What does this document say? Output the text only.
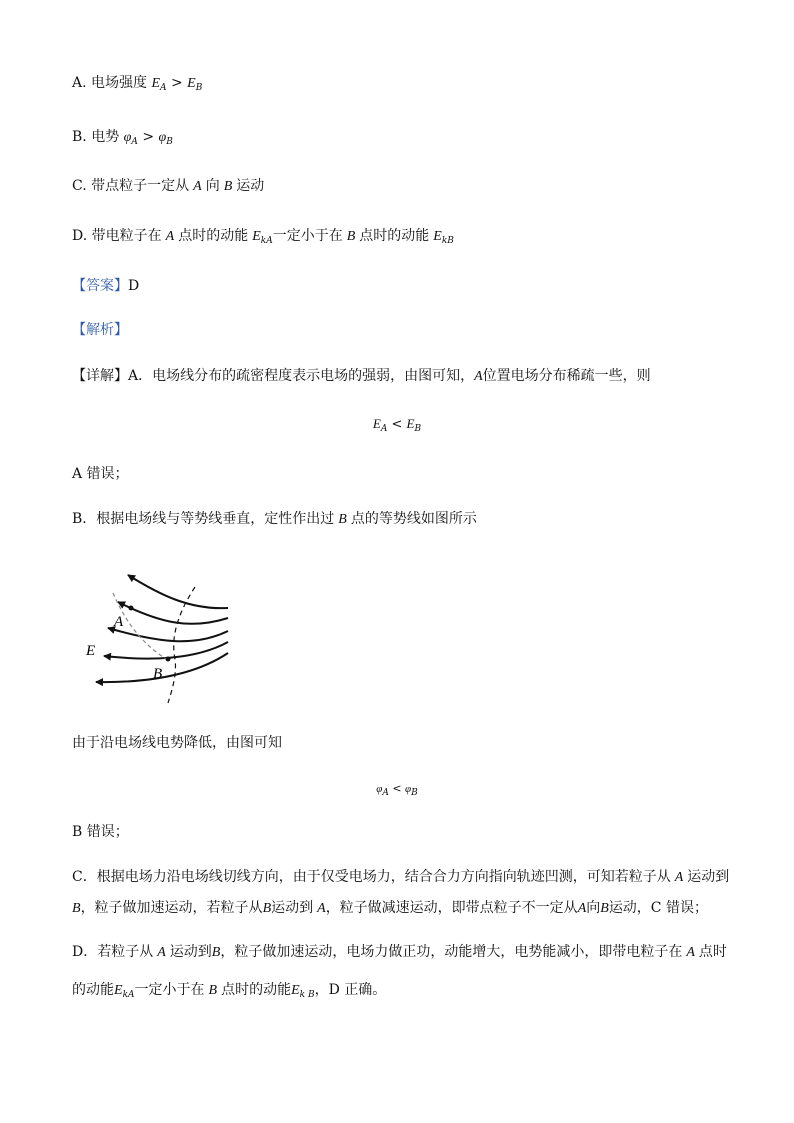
A. 电场强度 $E_A > E_B$
B. 电势 $\varphi_A > \varphi_B$
C. 带点粒子一定从 A 向 B 运动
D. 带电粒子在 A 点时的动能 $E_{kA}$一定小于在 B 点时的动能 $E_{kB}$
【答案】D
【解析】
【详解】A．电场线分布的疏密程度表示电场的强弱，由图可知，A位置电场分布稀疏一些，则
$E_A < E_B$
A 错误；
B．根据电场线与等势线垂直，定性作出过 B 点的等势线如图所示
A
B
E
由于沿电场线电势降低，由图可知
$\varphi_A < \varphi_B$
B 错误；
C．根据电场力沿电场线切线方向，由于仅受电场力，结合合力方向指向轨迹凹测，可知若粒子从 A 运动到
B，粒子做加速运动，若粒子从B运动到 A，粒子做减速运动，即带点粒子不一定从A向B运动，C 错误；
D．若粒子从 A 运动到B，粒子做加速运动，电场力做正功，动能增大，电势能减小，即带电粒子在 A 点时
的动能$E_{kA}$一定小于在 B 点时的动能$E_{k B}$，D 正确。
